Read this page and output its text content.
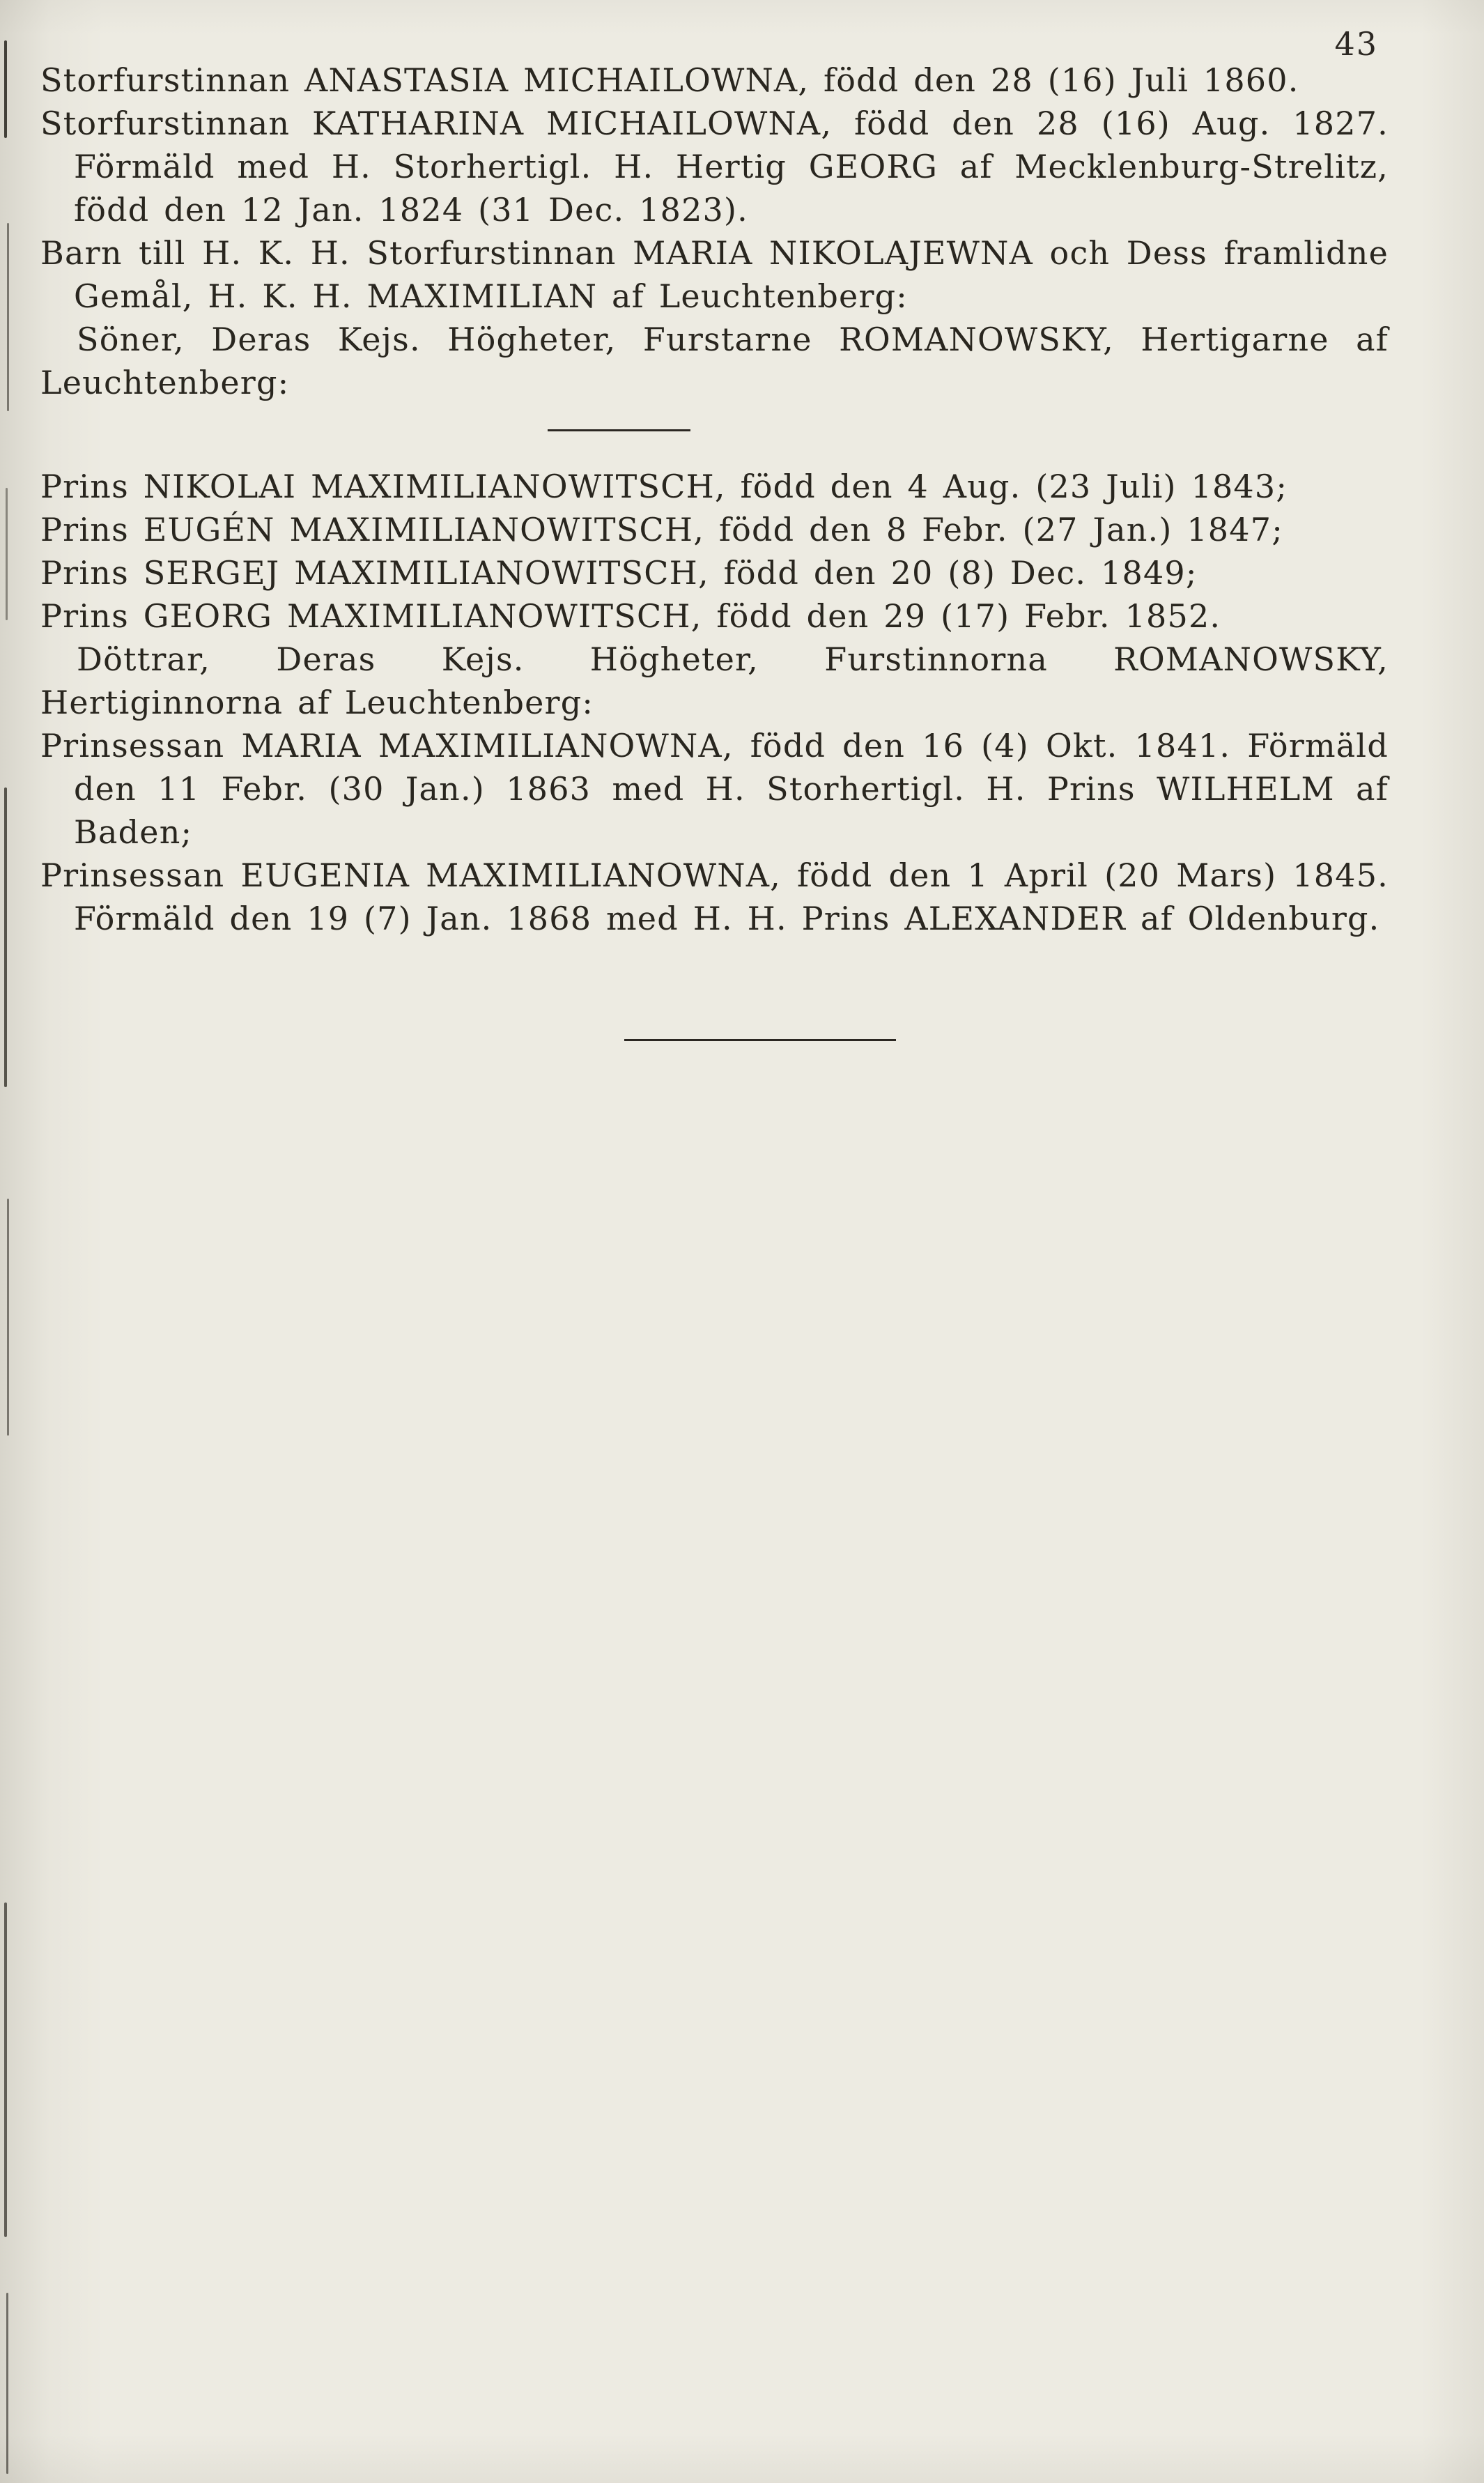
43

Storfurstinnan ANASTASIA MICHAILOWNA, född den 28 (16) Juli 1860.

Storfurstinnan KATHARINA MICHAILOWNA, född den 28 (16) Aug. 1827. Förmäld med H. Storhertigl. H. Hertig GEORG af Mecklenburg-Strelitz, född den 12 Jan. 1824 (31 Dec. 1823).

Barn till H. K. H. Storfurstinnan MARIA NIKOLAJEWNA och Dess framlidne Gemål, H. K. H. MAXIMILIAN af Leuchtenberg:

Söner, Deras Kejs. Högheter, Furstarne ROMANOWSKY, Hertigarne af Leuchtenberg:

Prins NIKOLAI MAXIMILIANOWITSCH, född den 4 Aug. (23 Juli) 1843;

Prins EUGÉN MAXIMILIANOWITSCH, född den 8 Febr. (27 Jan.) 1847;

Prins SERGEJ MAXIMILIANOWITSCH, född den 20 (8) Dec. 1849;

Prins GEORG MAXIMILIANOWITSCH, född den 29 (17) Febr. 1852.

Döttrar, Deras Kejs. Högheter, Furstinnorna ROMANOWSKY, Hertiginnorna af Leuchtenberg:

Prinsessan MARIA MAXIMILIANOWNA, född den 16 (4) Okt. 1841. Förmäld den 11 Febr. (30 Jan.) 1863 med H. Storhertigl. H. Prins WILHELM af Baden;

Prinsessan EUGENIA MAXIMILIANOWNA, född den 1 April (20 Mars) 1845. Förmäld den 19 (7) Jan. 1868 med H. H. Prins ALEXANDER af Oldenburg.
